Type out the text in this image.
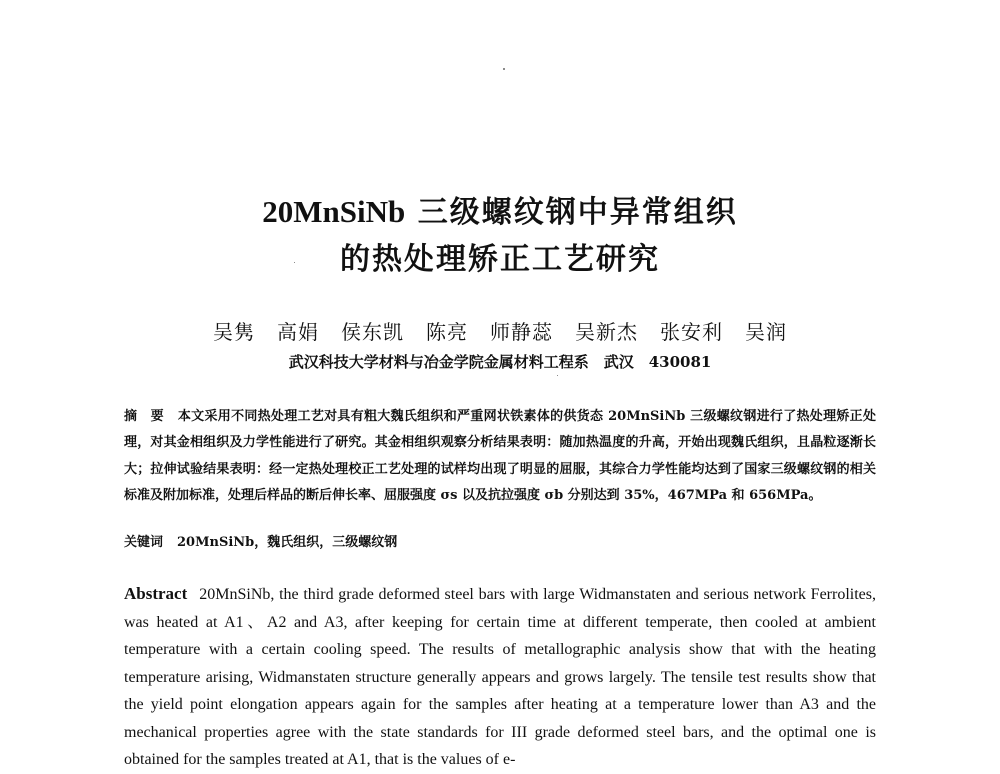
20MnSiNb 三级螺纹钢中异常组织
的热处理矫正工艺研究
吴隽 高娟 侯东凯 陈亮 师静蕊 吴新杰 张安利 吴润
武汉科技大学材料与冶金学院金属材料工程系　武汉　430081
摘　要 本文采用不同热处理工艺对具有粗大魏氏组织和严重网状铁素体的供货态 20MnSiNb 三级螺纹钢进行了热处理矫正处理，对其金相组织及力学性能进行了研究。其金相组织观察分析结果表明：随加热温度的升高，开始出现魏氏组织，且晶粒逐渐长大；拉伸试验结果表明：经一定热处理校正工艺处理的试样均出现了明显的屈服，其综合力学性能均达到了国家三级螺纹钢的相关标准及附加标准，处理后样品的断后伸长率、屈服强度 σs 以及抗拉强度 σb 分别达到 35%，467MPa 和 656MPa。
关键词 20MnSiNb，魏氏组织，三级螺纹钢
Abstract 20MnSiNb, the third grade deformed steel bars with large Widmanstaten and serious network Ferrolites, was heated at A1、A2 and A3, after keeping for certain time at different temperate, then cooled at ambient temperature with a certain cooling speed. The results of metallographic analysis show that with the heating temperature arising, Widmanstaten structure generally appears and grows largely. The tensile test results show that the yield point elongation appears again for the samples after heating at a temperature lower than A3 and the mechanical properties agree with the state standards for III grade deformed steel bars, and the optimal one is obtained for the samples treated at A1, that is the values of e-
